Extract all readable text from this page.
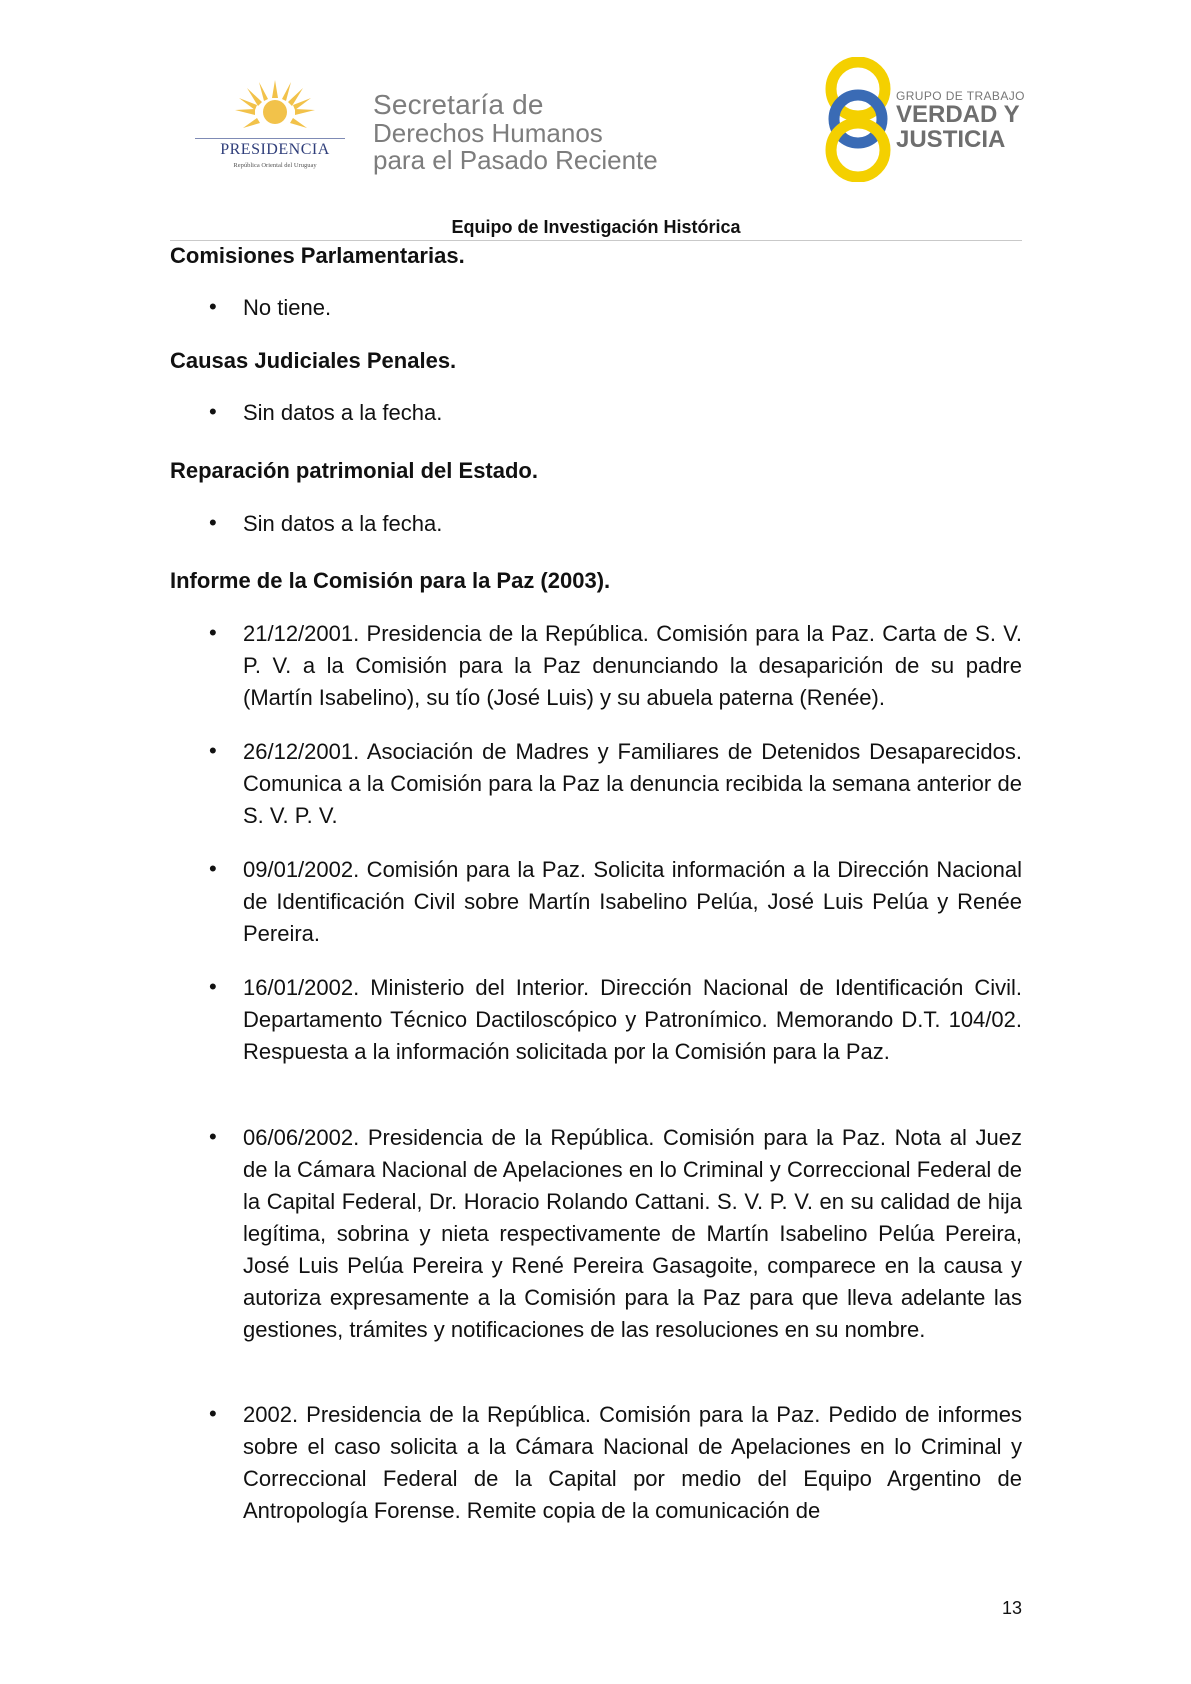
PRESIDENCIA
República Oriental del Uruguay
Secretaría de
Derechos Humanos
para el Pasado Reciente
GRUPO DE TRABAJO
VERDAD Y
JUSTICIA
Equipo de Investigación Histórica
Comisiones Parlamentarias.
• No tiene.
Causas Judiciales Penales.
• Sin datos a la fecha.
Reparación patrimonial del Estado.
• Sin datos a la fecha.
Informe de la Comisión para la Paz (2003).
• 21/12/2001. Presidencia de la República. Comisión para la Paz. Carta de S. V. P. V. a la Comisión para la Paz denunciando la desaparición de su padre (Martín Isabelino), su tío (José Luis) y su abuela paterna (Renée).
• 26/12/2001. Asociación de Madres y Familiares de Detenidos Desaparecidos. Comunica a la Comisión para la Paz la denuncia recibida la semana anterior de S. V. P. V.
• 09/01/2002. Comisión para la Paz. Solicita información a la Dirección Nacional de Identificación Civil sobre Martín Isabelino Pelúa, José Luis Pelúa y Renée Pereira.
• 16/01/2002. Ministerio del Interior. Dirección Nacional de Identificación Civil. Departamento Técnico Dactiloscópico y Patronímico. Memorando D.T. 104/02. Respuesta a la información solicitada por la Comisión para la Paz.
• 06/06/2002. Presidencia de la República. Comisión para la Paz. Nota al Juez de la Cámara Nacional de Apelaciones en lo Criminal y Correccional Federal de la Capital Federal, Dr. Horacio Rolando Cattani. S. V. P. V. en su calidad de hija legítima, sobrina y nieta respectivamente de Martín Isabelino Pelúa Pereira, José Luis Pelúa Pereira y René Pereira Gasagoite, comparece en la causa y autoriza expresamente a la Comisión para la Paz para que lleva adelante las gestiones, trámites y notificaciones de las resoluciones en su nombre.
• 2002. Presidencia de la República. Comisión para la Paz. Pedido de informes sobre el caso solicita a la Cámara Nacional de Apelaciones en lo Criminal y Correccional Federal de la Capital por medio del Equipo Argentino de Antropología Forense. Remite copia de la comunicación de
13
